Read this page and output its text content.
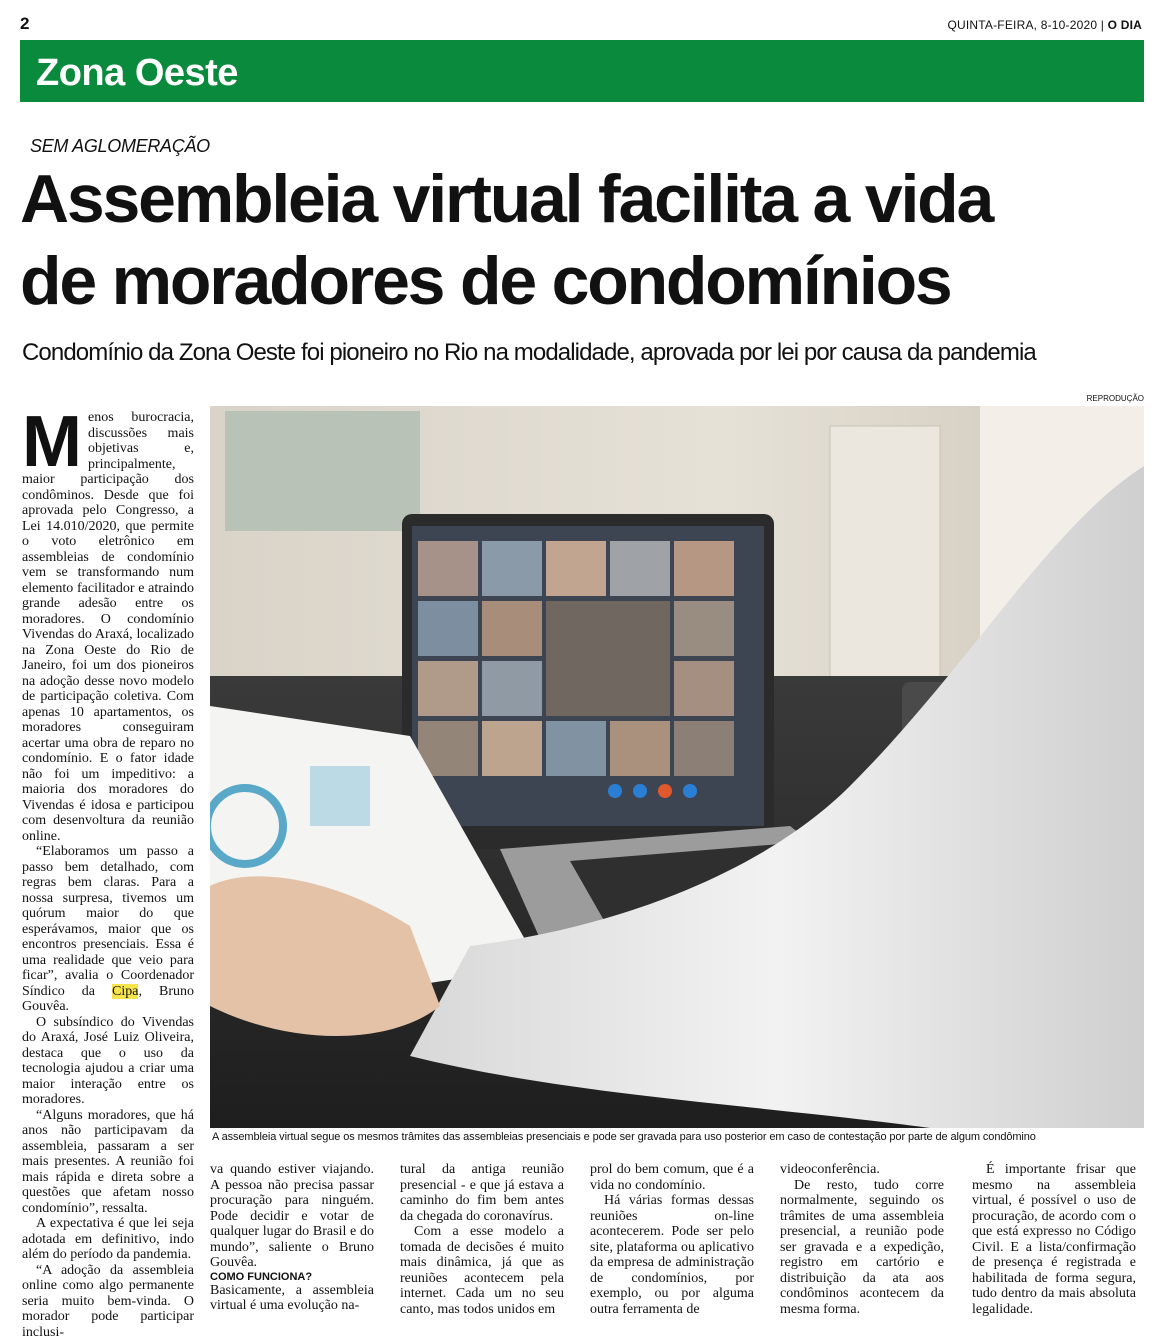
2	QUINTA-FEIRA, 8-10-2020 | O DIA
Zona Oeste
SEM AGLOMERAÇÃO
Assembleia virtual facilita a vida
de moradores de condomínios
Condomínio da Zona Oeste foi pioneiro no Rio na modalidade, aprovada por lei por causa da pandemia
REPRODUÇÃO
A assembleia virtual segue os mesmos trâmites das assembleias presenciais e pode ser gravada para uso posterior em caso de contestação por parte de algum condômino

Menos burocracia, discussões mais objetivas e, principalmente, maior participação dos condôminos. Desde que foi aprovada pelo Congresso, a Lei 14.010/2020, que permite o voto eletrônico em assembleias de condomínio vem se transformando num elemento facilitador e atraindo grande adesão entre os moradores. O condomínio Vivendas do Araxá, localizado na Zona Oeste do Rio de Janeiro, foi um dos pioneiros na adoção desse novo modelo de participação coletiva. Com apenas 10 apartamentos, os moradores conseguiram acertar uma obra de reparo no condomínio. E o fator idade não foi um impeditivo: a maioria dos moradores do Vivendas é idosa e participou com desenvoltura da reunião online.

“Elaboramos um passo a passo bem detalhado, com regras bem claras. Para a nossa surpresa, tivemos um quórum maior do que esperávamos, maior que os encontros presenciais. Essa é uma realidade que veio para ficar”, avalia o Coordenador Síndico da Cipa, Bruno Gouvêa.

O subsíndico do Vivendas do Araxá, José Luiz Oliveira, destaca que o uso da tecnologia ajudou a criar uma maior interação entre os moradores.

“Alguns moradores, que há anos não participavam da assembleia, passaram a ser mais presentes. A reunião foi mais rápida e direta sobre a questões que afetam nosso condomínio”, ressalta.

A expectativa é que lei seja adotada em definitivo, indo além do período da pandemia.

“A adoção da assembleia online como algo permanente seria muito bem-vinda. O morador pode participar inclusi-

va quando estiver viajando. A pessoa não precisa passar procuração para ninguém. Pode decidir e votar de qualquer lugar do Brasil e do mundo”, saliente o Bruno Gouvêa.

COMO FUNCIONA?

Basicamente, a assembleia virtual é uma evolução na-

tural da antiga reunião presencial - e que já estava a caminho do fim bem antes da chegada do coronavírus.

Com a esse modelo a tomada de decisões é muito mais dinâmica, já que as reuniões acontecem pela internet. Cada um no seu canto, mas todos unidos em

prol do bem comum, que é a vida no condomínio.

Há várias formas dessas reuniões on-line acontecerem. Pode ser pelo site, plataforma ou aplicativo da empresa de administração de condomínios, por exemplo, ou por alguma outra ferramenta de

videoconferência.

De resto, tudo corre normalmente, seguindo os trâmites de uma assembleia presencial, a reunião pode ser gravada e a expedição, registro em cartório e distribuição da ata aos condôminos acontecem da mesma forma.

É importante frisar que mesmo na assembleia virtual, é possível o uso de procuração, de acordo com o que está expresso no Código Civil. E a lista/confirmação de presença é registrada e habilitada de forma segura, tudo dentro da mais absoluta legalidade.
